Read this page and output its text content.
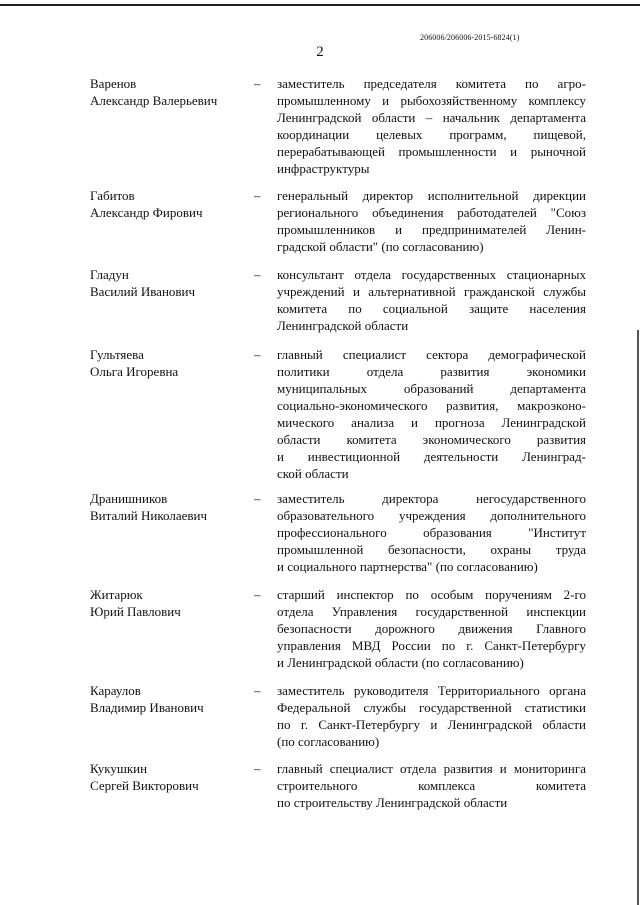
206006/206006-2015-6824(1)
2
Варенов
Александр Валерьевич
– заместитель председателя комитета по агро-
промышленному и рыбохозяйственному комплексу
Ленинградской области – начальник департамента
координации целевых программ, пищевой,
перерабатывающей промышленности и рыночной
инфраструктуры
Габитов
Александр Фирович
– генеральный директор исполнительной дирекции
регионального объединения работодателей "Союз
промышленников и предпринимателей Ленин-
градской области" (по согласованию)
Гладун
Василий Иванович
– консультант отдела государственных стационарных
учреждений и альтернативной гражданской службы
комитета по социальной защите населения
Ленинградской области
Гультяева
Ольга Игоревна
– главный специалист сектора демографической
политики отдела развития экономики
муниципальных образований департамента
социально-экономического развития, макроэконо-
мического анализа и прогноза Ленинградской
области комитета экономического развития
и инвестиционной деятельности Ленинград-
ской области
Дранишников
Виталий Николаевич
– заместитель директора негосударственного
образовательного учреждения дополнительного
профессионального образования "Институт
промышленной безопасности, охраны труда
и социального партнерства" (по согласованию)
Житарюк
Юрий Павлович
– старший инспектор по особым поручениям 2-го
отдела Управления государственной инспекции
безопасности дорожного движения Главного
управления МВД России по г. Санкт-Петербургу
и Ленинградской области (по согласованию)
Караулов
Владимир Иванович
– заместитель руководителя Территориального органа
Федеральной службы государственной статистики
по г. Санкт-Петербургу и Ленинградской области
(по согласованию)
Кукушкин
Сергей Викторович
– главный специалист отдела развития и мониторинга
строительного комплекса комитета
по строительству Ленинградской области
